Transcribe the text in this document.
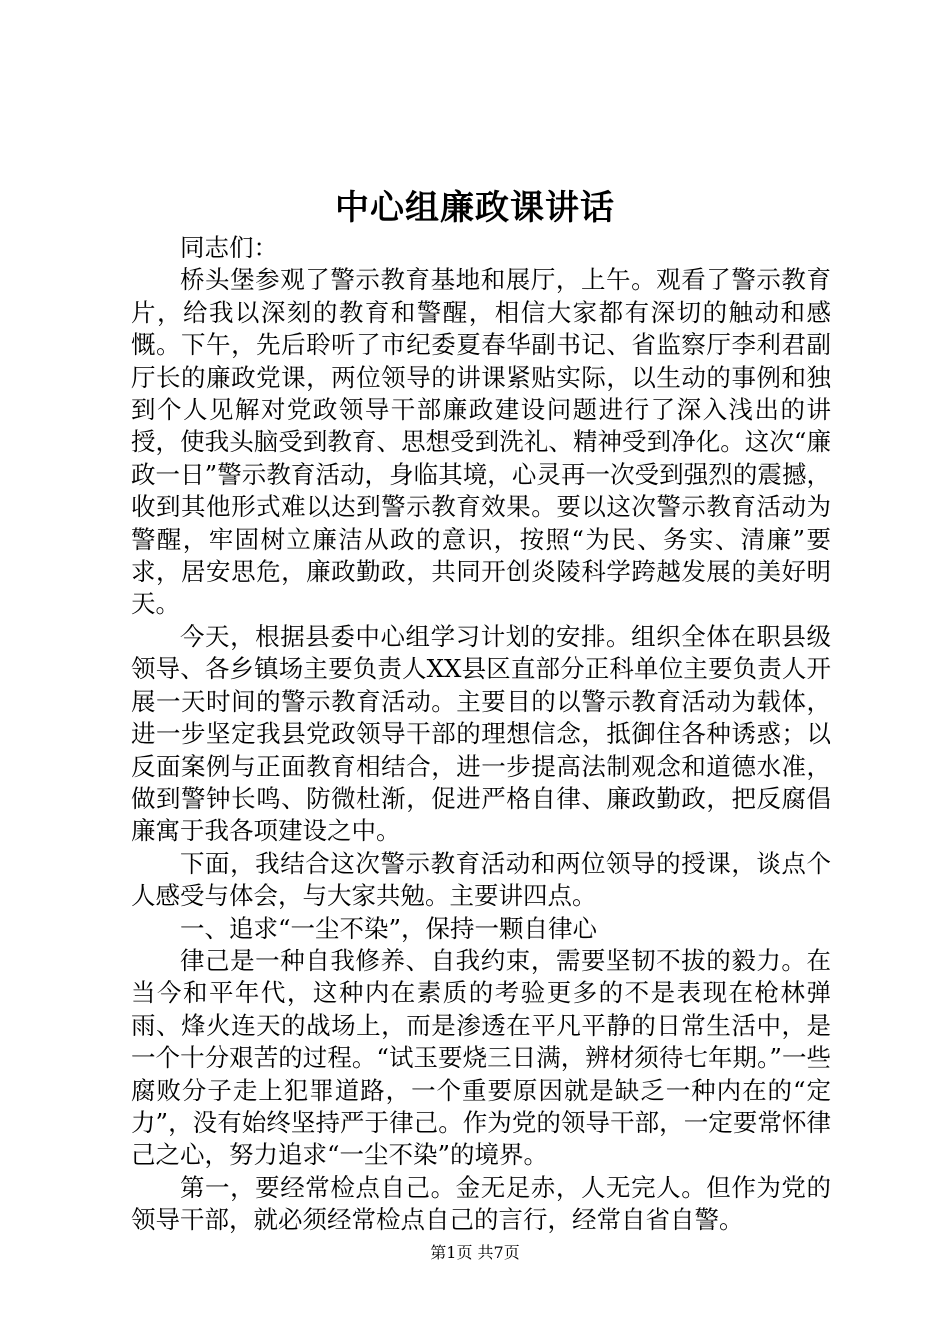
中心组廉政课讲话

同志们：

桥头堡参观了警示教育基地和展厅，上午。观看了警示教育片，给我以深刻的教育和警醒，相信大家都有深切的触动和感慨。下午，先后聆听了市纪委夏春华副书记、省监察厅李利君副厅长的廉政党课，两位领导的讲课紧贴实际，以生动的事例和独到个人见解对党政领导干部廉政建设问题进行了深入浅出的讲授，使我头脑受到教育、思想受到洗礼、精神受到净化。这次“廉政一日”警示教育活动，身临其境，心灵再一次受到强烈的震撼，收到其他形式难以达到警示教育效果。要以这次警示教育活动为警醒，牢固树立廉洁从政的意识，按照“为民、务实、清廉”要求，居安思危，廉政勤政，共同开创炎陵科学跨越发展的美好明天。

今天，根据县委中心组学习计划的安排。组织全体在职县级领导、各乡镇场主要负责人XX县区直部分正科单位主要负责人开展一天时间的警示教育活动。主要目的以警示教育活动为载体，进一步坚定我县党政领导干部的理想信念，抵御住各种诱惑；以反面案例与正面教育相结合，进一步提高法制观念和道德水准，做到警钟长鸣、防微杜渐，促进严格自律、廉政勤政，把反腐倡廉寓于我各项建设之中。

下面，我结合这次警示教育活动和两位领导的授课，谈点个人感受与体会，与大家共勉。主要讲四点。

一、追求“一尘不染”，保持一颗自律心

律己是一种自我修养、自我约束，需要坚韧不拔的毅力。在当今和平年代，这种内在素质的考验更多的不是表现在枪林弹雨、烽火连天的战场上，而是渗透在平凡平静的日常生活中，是一个十分艰苦的过程。“试玉要烧三日满，辨材须待七年期。”一些腐败分子走上犯罪道路，一个重要原因就是缺乏一种内在的“定力”，没有始终坚持严于律己。作为党的领导干部，一定要常怀律己之心，努力追求“一尘不染”的境界。

第一，要经常检点自己。金无足赤，人无完人。但作为党的领导干部，就必须经常检点自己的言行，经常自省自警。

第1页 共7页
